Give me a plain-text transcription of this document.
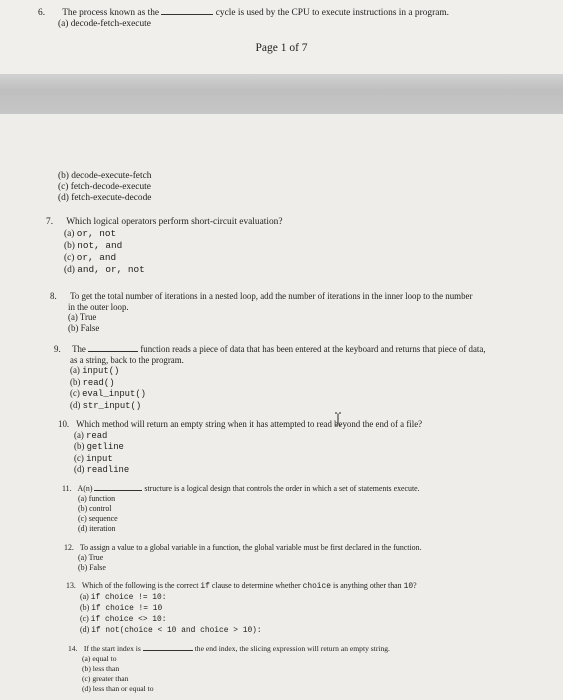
6. The process known as the	cycle is used by the CPU to execute instructions in a program.
(a) decode-fetch-execute
Page 1 of 7
(b) decode-execute-fetch
(c) fetch-decode-execute
(d) fetch-execute-decode
7. Which logical operators perform short-circuit evaluation?
(a) or, not
(b) not, and
(c) or, and
(d) and, or, not
8. To get the total number of iterations in a nested loop, add the number of iterations in the inner loop to the number
in the outer loop.
(a) True
(b) False
9. The	function reads a piece of data that has been entered at the keyboard and returns that piece of data,
as a string, back to the program.
(a) input()
(b) read()
(c) eval_input()
(d) str_input()
10. Which method will return an empty string when it has attempted to read beyond the end of a file?
(a) read
(b) getline
(c) input
(d) readline
11. A(n)	structure is a logical design that controls the order in which a set of statements execute.
(a) function
(b) control
(c) sequence
(d) iteration
12. To assign a value to a global variable in a function, the global variable must be first declared in the function.
(a) True
(b) False
13. Which of the following is the correct if clause to determine whether choice is anything other than 10?
(a) if choice != 10:
(b) if choice != 10
(c) if choice <> 10:
(d) if not(choice < 10 and choice > 10):
14. If the start index is	the end index, the slicing expression will return an empty string.
(a) equal to
(b) less than
(c) greater than
(d) less than or equal to
